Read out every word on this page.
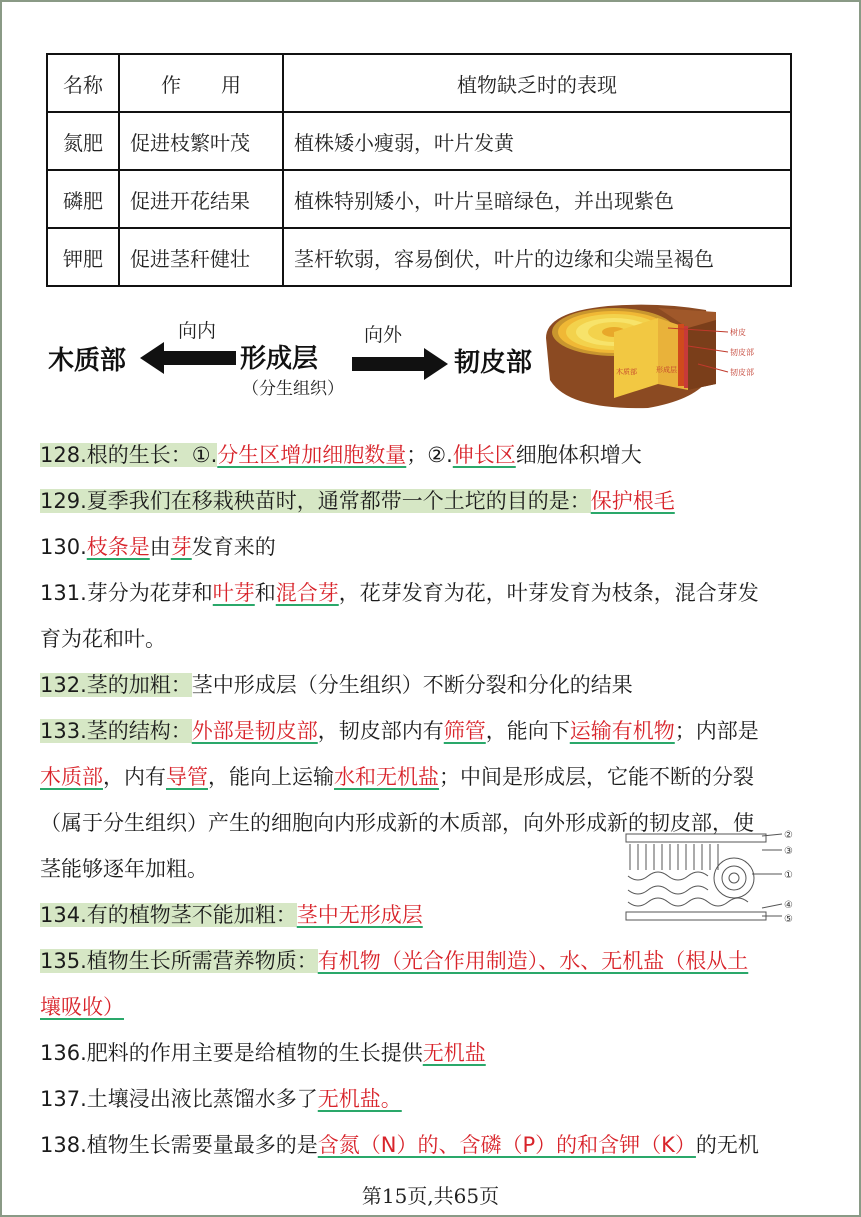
名称	作　　用	植物缺乏时的表现
氮肥	促进枝繁叶茂	植株矮小瘦弱，叶片发黄
磷肥	促进开花结果	植株特别矮小，叶片呈暗绿色，并出现紫色
钾肥	促进茎秆健壮	茎杆软弱，容易倒伏，叶片的边缘和尖端呈褐色
木质部
向内
形成层
（分生组织）
向外
韧皮部
树皮
木质部	形成层
韧皮部
韧皮部
②
③
①
④
⑤
128.根的生长：①.分生区增加细胞数量；②.伸长区细胞体积增大
129.夏季我们在移栽秧苗时，通常都带一个土坨的目的是：保护根毛
130.枝条是由芽发育来的
131.芽分为花芽和叶芽和混合芽，花芽发育为花，叶芽发育为枝条，混合芽发
育为花和叶。
132.茎的加粗：茎中形成层（分生组织）不断分裂和分化的结果
133.茎的结构：外部是韧皮部，韧皮部内有筛管，能向下运输有机物；内部是
木质部，内有导管，能向上运输水和无机盐；中间是形成层，它能不断的分裂
（属于分生组织）产生的细胞向内形成新的木质部，向外形成新的韧皮部，使
茎能够逐年加粗。
134.有的植物茎不能加粗：茎中无形成层
135.植物生长所需营养物质：有机物（光合作用制造）、水、无机盐（根从土
壤吸收）
136.肥料的作用主要是给植物的生长提供无机盐
137.土壤浸出液比蒸馏水多了无机盐。
138.植物生长需要量最多的是含氮（N）的、含磷（P）的和含钾（K）的无机
第15页,共65页
